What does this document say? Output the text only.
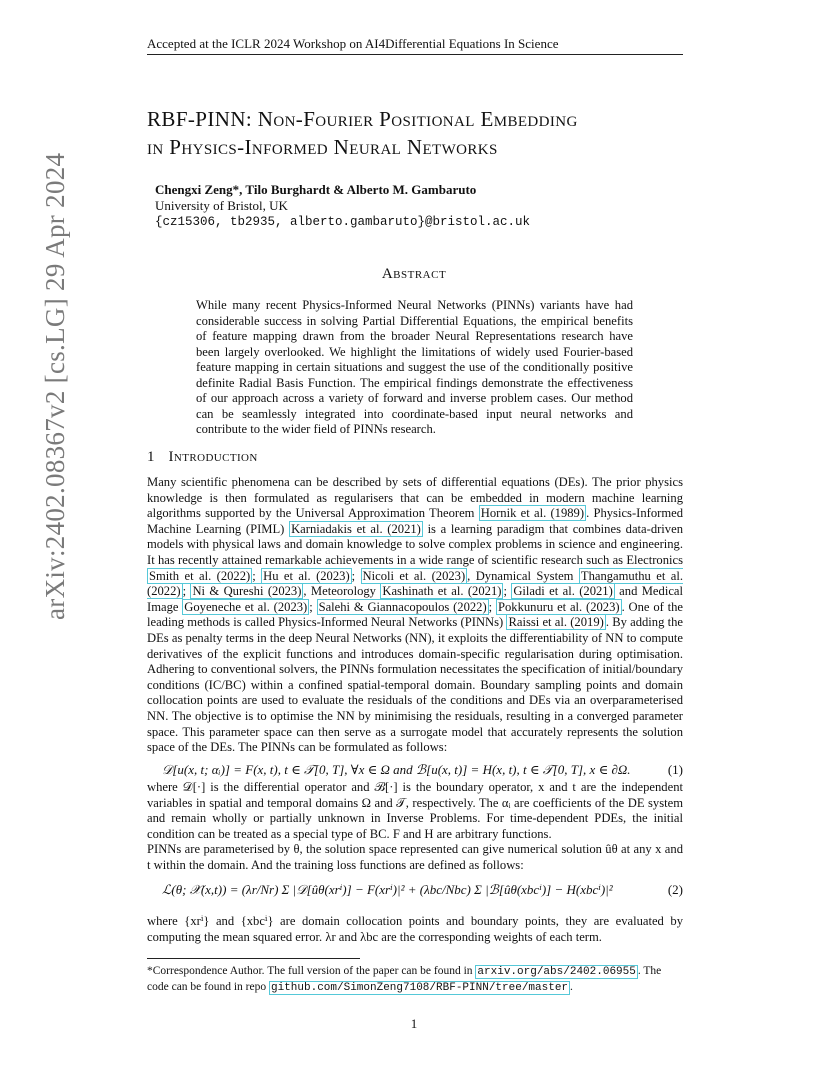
Accepted at the ICLR 2024 Workshop on AI4Differential Equations In Science
arXiv:2402.08367v2 [cs.LG] 29 Apr 2024
RBF-PINN: Non-Fourier Positional Embedding
in Physics-Informed Neural Networks
Chengxi Zeng*, Tilo Burghardt & Alberto M. Gambaruto
University of Bristol, UK
{cz15306, tb2935, alberto.gambaruto}@bristol.ac.uk
Abstract
While many recent Physics-Informed Neural Networks (PINNs) variants have had considerable success in solving Partial Differential Equations, the empirical benefits of feature mapping drawn from the broader Neural Representations research have been largely overlooked. We highlight the limitations of widely used Fourier-based feature mapping in certain situations and suggest the use of the conditionally positive definite Radial Basis Function. The empirical findings demonstrate the effectiveness of our approach across a variety of forward and inverse problem cases. Our method can be seamlessly integrated into coordinate-based input neural networks and contribute to the wider field of PINNs research.
1 Introduction
Many scientific phenomena can be described by sets of differential equations (DEs). The prior physics knowledge is then formulated as regularisers that can be embedded in modern machine learning algorithms supported by the Universal Approximation Theorem Hornik et al. (1989) . Physics-Informed Machine Learning (PIML) Karniadakis et al. (2021) is a learning paradigm that combines data-driven models with physical laws and domain knowledge to solve complex problems in science and engineering. It has recently attained remarkable achievements in a wide range of scientific research such as Electronics Smith et al. (2022) ; Hu et al. (2023) ; Nicoli et al. (2023) , Dynamical System Thangamuthu et al. (2022) ; Ni & Qureshi (2023) , Meteorology Kashinath et al. (2021) ; Giladi et al. (2021) and Medical Image Goyeneche et al. (2023) ; Salehi & Giannacopoulos (2022) ; Pokkunuru et al. (2023) . One of the leading methods is called Physics-Informed Neural Networks (PINNs) Raissi et al. (2019) . By adding the DEs as penalty terms in the deep Neural Networks (NN), it exploits the differentiability of NN to compute derivatives of the explicit functions and introduces domain-specific regularisation during optimisation. Adhering to conventional solvers, the PINNs formulation necessitates the specification of initial/boundary conditions (IC/BC) within a confined spatial-temporal domain. Boundary sampling points and domain collocation points are used to evaluate the residuals of the conditions and DEs via an overparameterised NN. The objective is to optimise the NN by minimising the residuals, resulting in a converged parameter space. This parameter space can then serve as a surrogate model that accurately represents the solution space of the DEs. The PINNs can be formulated as follows:
𝒟[u(x, t; αᵢ)] = F(x, t), t ∈ 𝒯[0, T], ∀x ∈ Ω and ℬ[u(x, t)] = H(x, t), t ∈ 𝒯[0, T], x ∈ ∂Ω.	(1)
where 𝒟[·] is the differential operator and ℬ[·] is the boundary operator, x and t are the independent variables in spatial and temporal domains Ω and 𝒯, respectively. The αᵢ are coefficients of the DE system and remain wholly or partially unknown in Inverse Problems. For time-dependent PDEs, the initial condition can be treated as a special type of BC. F and H are arbitrary functions.
PINNs are parameterised by θ, the solution space represented can give numerical solution ûθ at any x and t within the domain. And the training loss functions are defined as follows:
ℒ(θ; 𝒳(x,t)) = (λr/Nr) Σ |𝒟[ûθ(xrⁱ)] − F(xrⁱ)|² + (λbc/Nbc) Σ |ℬ[ûθ(xbcⁱ)] − H(xbcⁱ)|²	(2)
where {xrⁱ} and {xbcⁱ} are domain collocation points and boundary points, they are evaluated by computing the mean squared error. λr and λbc are the corresponding weights of each term.
*Correspondence Author. The full version of the paper can be found in arxiv.org/abs/2402.06955 . The code can be found in repo github.com/SimonZeng7108/RBF-PINN/tree/master .
1
